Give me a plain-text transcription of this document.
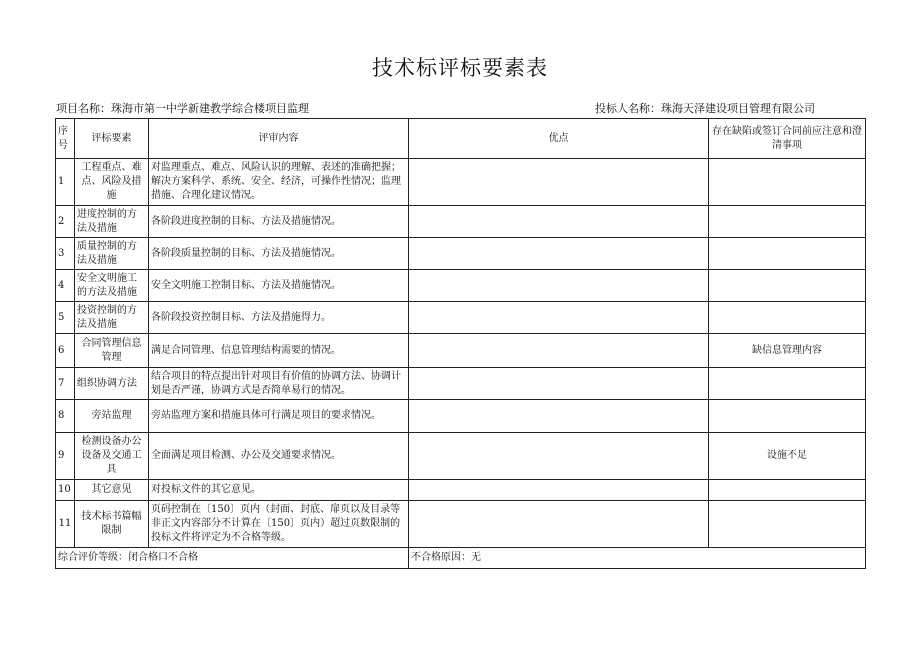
技术标评标要素表
项目名称：珠海市第一中学新建教学综合楼项目监理	投标人名称：珠海天泽建设项目管理有限公司
序号	评标要素	评审内容	优点	存在缺陷或签订合同前应注意和澄清事项
1	工程重点、难点、风险及措施	对监理重点、难点、风险认识的理解、表述的准确把握；解决方案科学、系统、安全、经济，可操作性情况；监理措施、合理化建议情况。		
2	进度控制的方法及措施	各阶段进度控制的目标、方法及措施情况。		
3	质量控制的方法及措施	各阶段质量控制的目标、方法及措施情况。		
4	安全文明施工的方法及措施	安全文明施工控制目标、方法及措施情况。		
5	投资控制的方法及措施	各阶段投资控制目标、方法及措施得力。		
6	合同管理信息管理	满足合同管理、信息管理结构需要的情况。		缺信息管理内容
7	组织协调方法	结合项目的特点提出针对项目有价值的协调方法、协调计划是否严谨，协调方式是否简单易行的情况。		
8	旁站监理	旁站监理方案和措施具体可行满足项目的要求情况。		
9	检测设备办公设备及交通工具	全面满足项目检测、办公及交通要求情况。		设施不足
10	其它意见	对投标文件的其它意见。		
11	技术标书篇幅限制	页码控制在〔150〕页内（封面、封底、扉页以及目录等非正文内容部分不计算在〔150〕页内）超过页数限制的投标文件将评定为不合格等级。		
综合评价等级：闭合格口不合格			不合格原因：无	
